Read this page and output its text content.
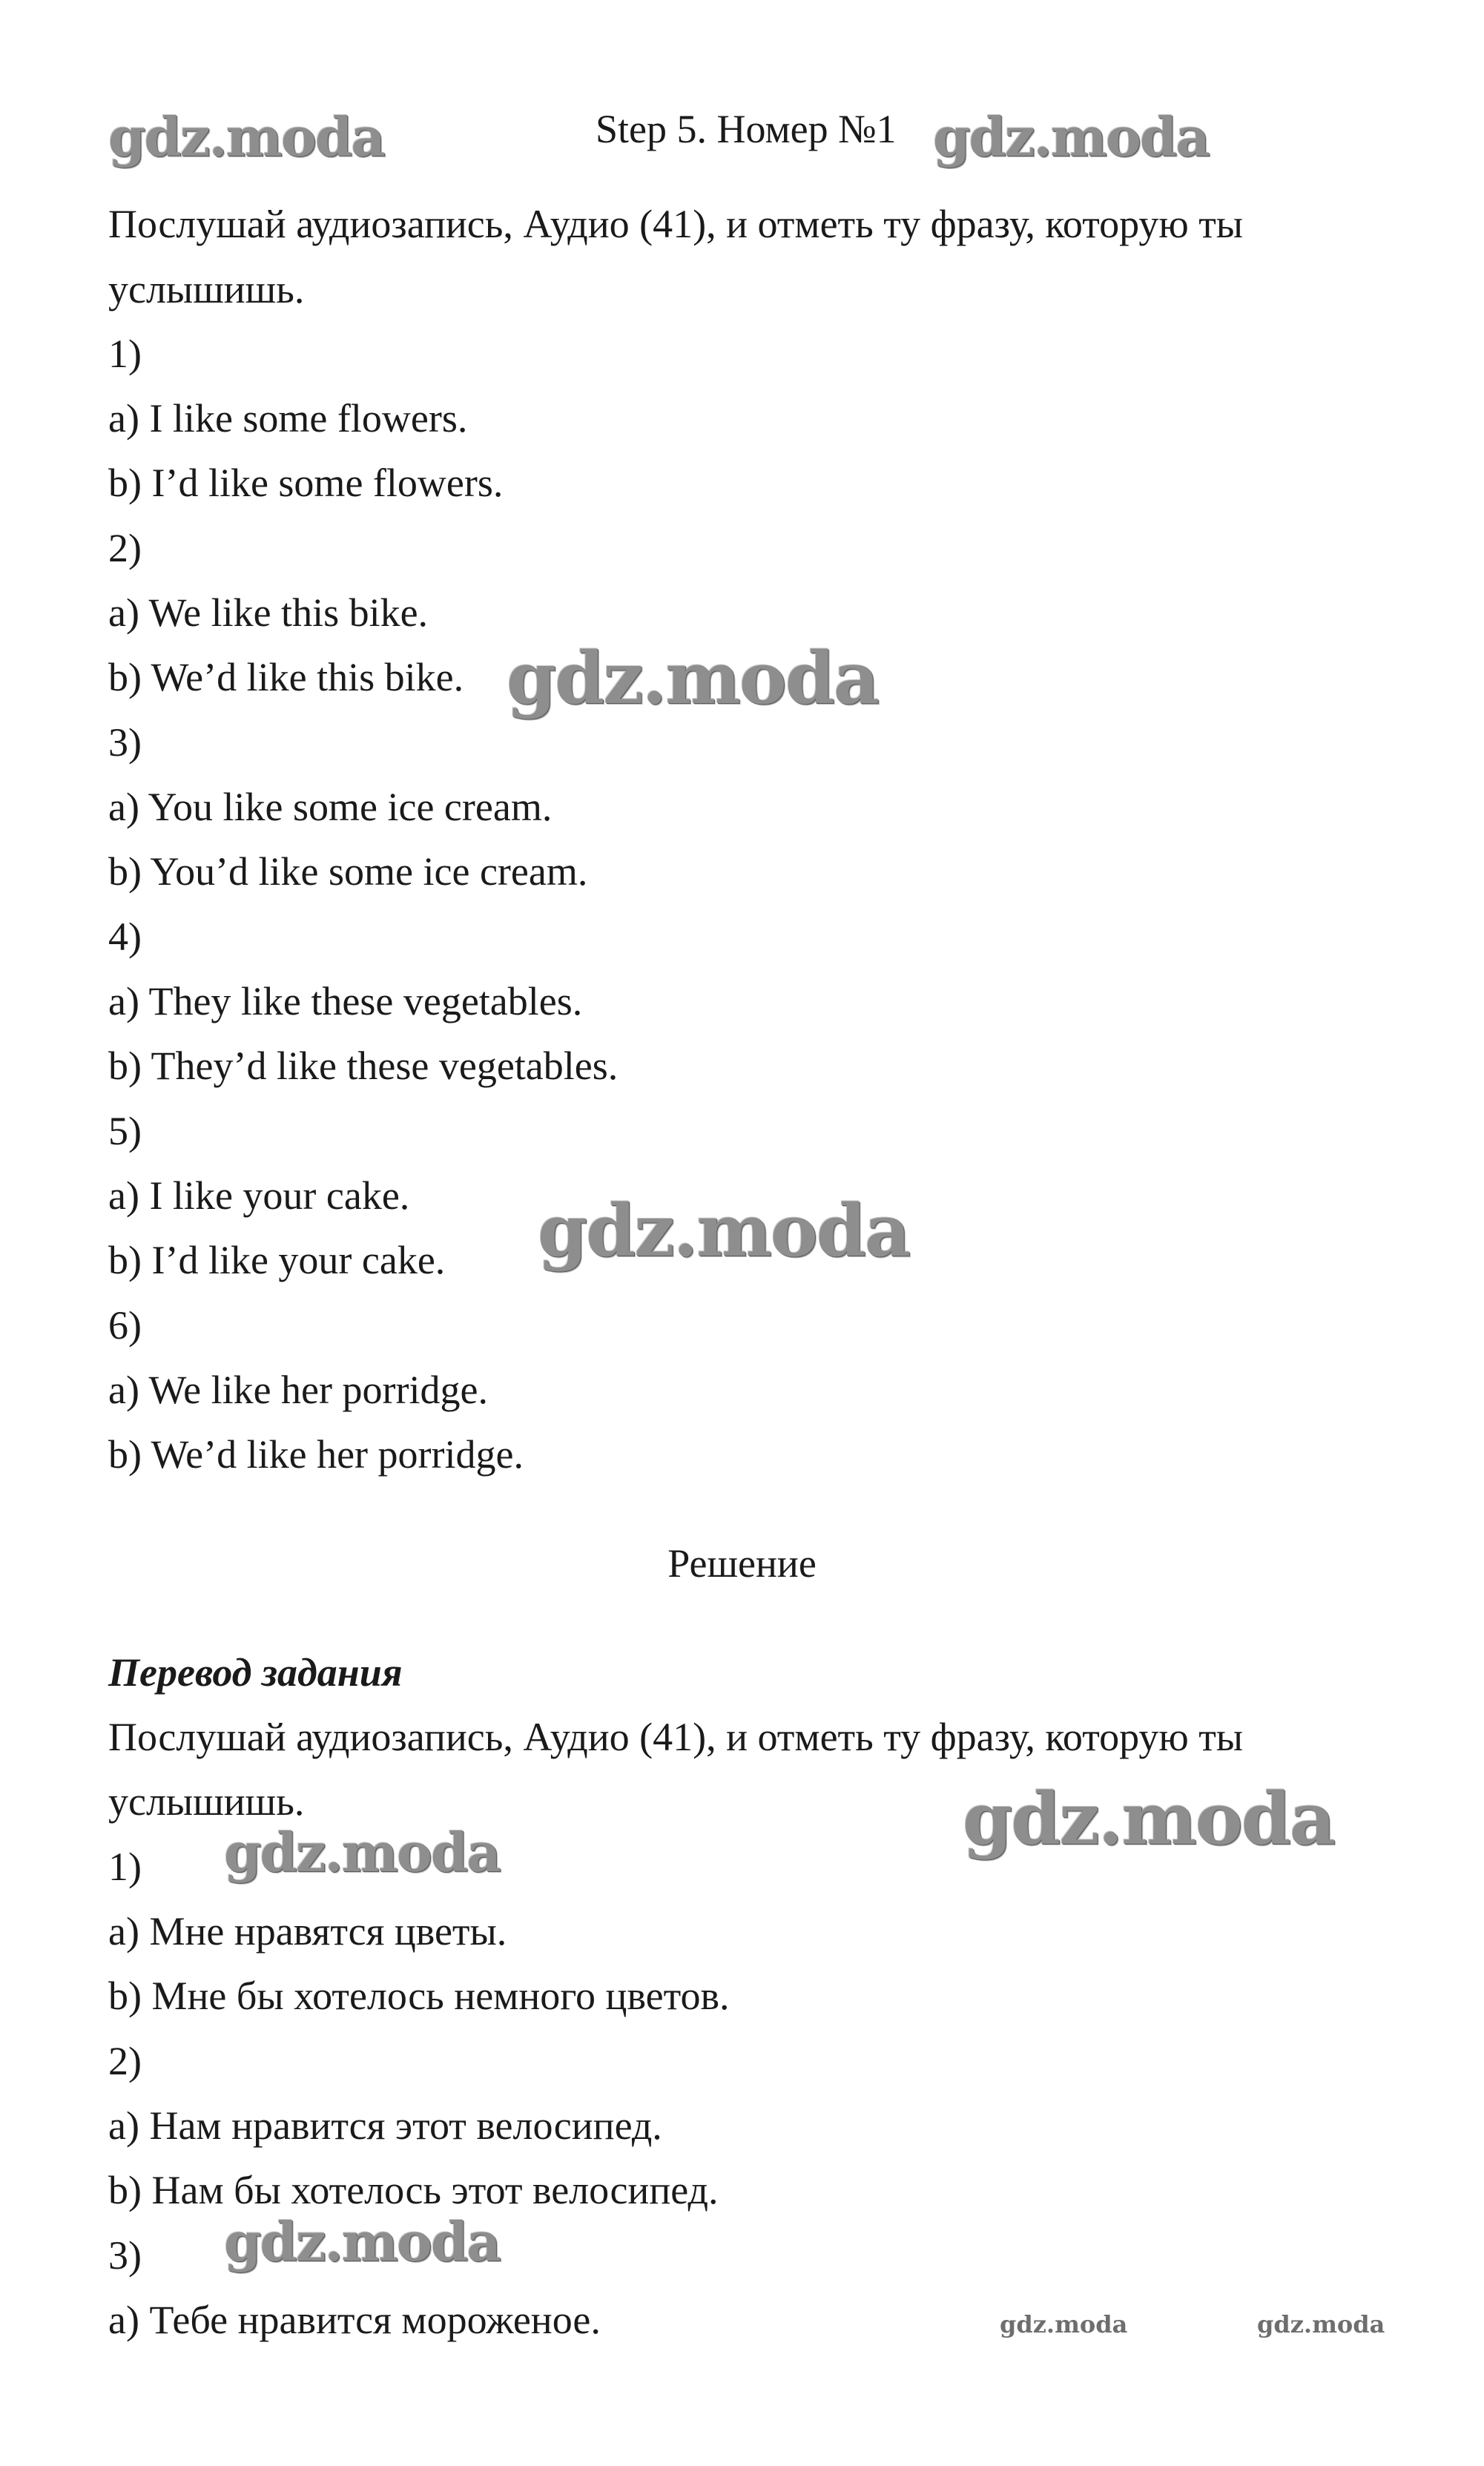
gdz.moda	gdz.moda
gdz.moda
gdz.moda
gdz.moda
gdz.moda
gdz.moda
gdz.moda	gdz.moda
Step 5. Номер №1

Послушай аудиозапись, Аудио (41), и отметь ту фразу, которую ты

услышишь.

1)

a) I like some flowers.

b) I’d like some flowers.

2)

a) We like this bike.

b) We’d like this bike.

3)

a) You like some ice cream.

b) You’d like some ice cream.

4)

a) They like these vegetables.

b) They’d like these vegetables.

5)

a) I like your cake.

b) I’d like your cake.

6)

a) We like her porridge.

b) We’d like her porridge.

Решение

Перевод задания

Послушай аудиозапись, Аудио (41), и отметь ту фразу, которую ты

услышишь.

1)

a) Мне нравятся цветы.

b) Мне бы хотелось немного цветов.

2)

a) Нам нравится этот велосипед.

b) Нам бы хотелось этот велосипед.

3)

a) Тебе нравится мороженое.
